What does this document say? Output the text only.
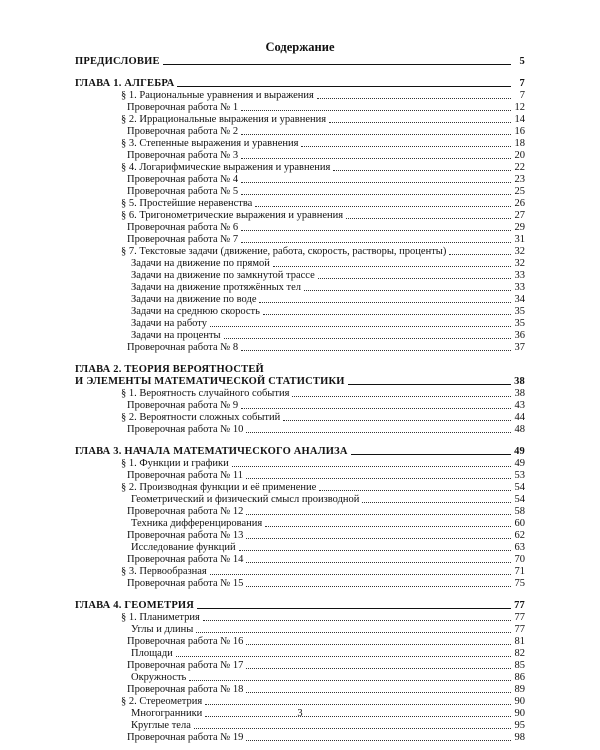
Содержание
ПРЕДИСЛОВИЕ	5
ГЛАВА 1. АЛГЕБРА	7
§ 1. Рациональные уравнения и выражения	7
Проверочная работа № 1	12
§ 2. Иррациональные выражения и уравнения	14
Проверочная работа № 2	16
§ 3. Степенные выражения и уравнения	18
Проверочная работа № 3	20
§ 4. Логарифмические выражения и уравнения	22
Проверочная работа № 4	23
Проверочная работа № 5	25
§ 5. Простейшие неравенства	26
§ 6. Тригонометрические выражения и уравнения	27
Проверочная работа № 6	29
Проверочная работа № 7	31
§ 7. Текстовые задачи (движение, работа, скорость, растворы, проценты)	32
Задачи на движение по прямой	32
Задачи на движение по замкнутой трассе	33
Задачи на движение протяжённых тел	33
Задачи на движение по воде	34
Задачи на среднюю скорость	35
Задачи на работу	35
Задачи на проценты	36
Проверочная работа № 8	37
ГЛАВА 2. ТЕОРИЯ ВЕРОЯТНОСТЕЙ
И ЭЛЕМЕНТЫ МАТЕМАТИЧЕСКОЙ СТАТИСТИКИ	38
§ 1. Вероятность случайного события	38
Проверочная работа № 9	43
§ 2. Вероятности сложных событий	44
Проверочная работа № 10	48
ГЛАВА 3. НАЧАЛА МАТЕМАТИЧЕСКОГО АНАЛИЗА	49
§ 1. Функции и графики	49
Проверочная работа № 11	53
§ 2. Производная функции и её применение	54
Геометрический и физический смысл производной	54
Проверочная работа № 12	58
Техника дифференцирования	60
Проверочная работа № 13	62
Исследование функций	63
Проверочная работа № 14	70
§ 3. Первообразная	71
Проверочная работа № 15	75
ГЛАВА 4. ГЕОМЕТРИЯ	77
§ 1. Планиметрия	77
Углы и длины	77
Проверочная работа № 16	81
Площади	82
Проверочная работа № 17	85
Окружность	86
Проверочная работа № 18	89
§ 2. Стереометрия	90
Многогранники	90
Круглые тела	95
Проверочная работа № 19	98
3
